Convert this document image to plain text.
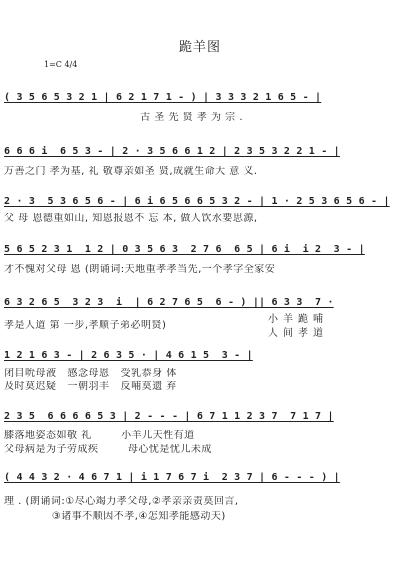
跪羊图
1=C 4/4
( 3 5 6 5 3 2 1 | 6 2 1 7 1 - ) | 3 3 3 2 1 6 5 - |
古 圣 先 贤 孝 为 宗 .
6 6 6 i  6 5 3 - | 2 · 3 5 6 6 1 2 | 2 3 5 3 2 2 1 - |
万善之门 孝为基, 礼 敬尊亲如圣 贤,成就生命大 意 义.
2 · 3  5 3 6 5 6 - | 6 i 6 5 6 6 5 3 2 - | 1 · 2 5 3 6 5 6 - |
父 母 恩德重如山, 知恩报恩不 忘 本, 做人饮水要思源,
5 6 5 2 3 1  1 2 | 0 3 5 6 3  2 7 6  6 5 | 6 i  i 2  3 - |
才不愧对父母 恩 (朗诵词:天地重孝孝当先,一个孝字全家安
6 3 2 6 5  3 2 3  i  | 6 2 7 6 5  6 - ) || 6 3 3  7 ·
孝是人道 第 一步,孝顺子弟必明贤)
小羊跪哺
人间孝道
1 2 1 6 3 - | 2 6 3 5 · | 4 6 1 5  3 - |
闭目吮母液   感念母恩   受乳恭身 体
及时莫迟疑   一朝羽丰   反哺莫遗 弃
2 3 5  6 6 6 6 5 3 | 2 - - - | 6 7 1 1 2 3 7  7 1 7 |
膝落地姿态如敬 礼        小羊儿天性有道
父母病是为子劳成疾        母心忧是忧儿未成
( 4 4 3 2 · 4 6 7 1 | i 1 7 6 7 i  2 3 7 | 6 - - - ) |
理 . (朗诵词:①尽心竭力孝父母,②孝亲亲责莫回言,
③诸事不顺因不孝,④怎知孝能感动天)
